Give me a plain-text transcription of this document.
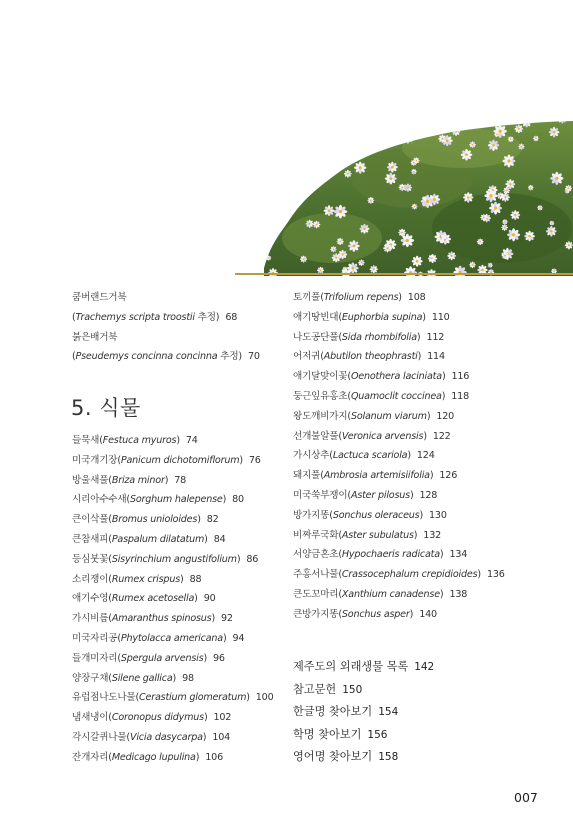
쿰버랜드거북
(Trachemys scripta troostii 추정) 68
붉은배거북
(Pseudemys concinna concinna 추정) 70
5. 식물
들묵새(Festuca myuros) 74
미국개기장(Panicum dichotomiflorum) 76
방울새풀(Briza minor) 78
시리아수수새(Sorghum halepense) 80
큰이삭풀(Bromus unioloides) 82
큰참새피(Paspalum dilatatum) 84
등심붓꽃(Sisyrinchium angustifolium) 86
소리쟁이(Rumex crispus) 88
애기수영(Rumex acetosella) 90
가시비름(Amaranthus spinosus) 92
미국자리공(Phytolacca americana) 94
들개미자리(Spergula arvensis) 96
양장구채(Silene gallica) 98
유럽점나도나물(Cerastium glomeratum) 100
냄새냉이(Coronopus didymus) 102
각시갈퀴나물(Vicia dasycarpa) 104
잔개자리(Medicago lupulina) 106
토끼풀(Trifolium repens) 108
애기땅빈대(Euphorbia supina) 110
나도공단풀(Sida rhombifolia) 112
어저귀(Abutilon theophrasti) 114
애기달맞이꽃(Oenothera laciniata) 116
둥근잎유홍초(Quamoclit coccinea) 118
왕도깨비가지(Solanum viarum) 120
선개불알풀(Veronica arvensis) 122
가시상추(Lactuca scariola) 124
돼지풀(Ambrosia artemisiifolia) 126
미국쑥부쟁이(Aster pilosus) 128
방가지똥(Sonchus oleraceus) 130
비짜루국화(Aster subulatus) 132
서양금혼초(Hypochaeris radicata) 134
주홍서나물(Crassocephalum crepidioides) 136
큰도꼬마리(Xanthium canadense) 138
큰방가지똥(Sonchus asper) 140
제주도의 외래생물 목록 142
참고문헌 150
한글명 찾아보기 154
학명 찾아보기 156
영어명 찾아보기 158
007
